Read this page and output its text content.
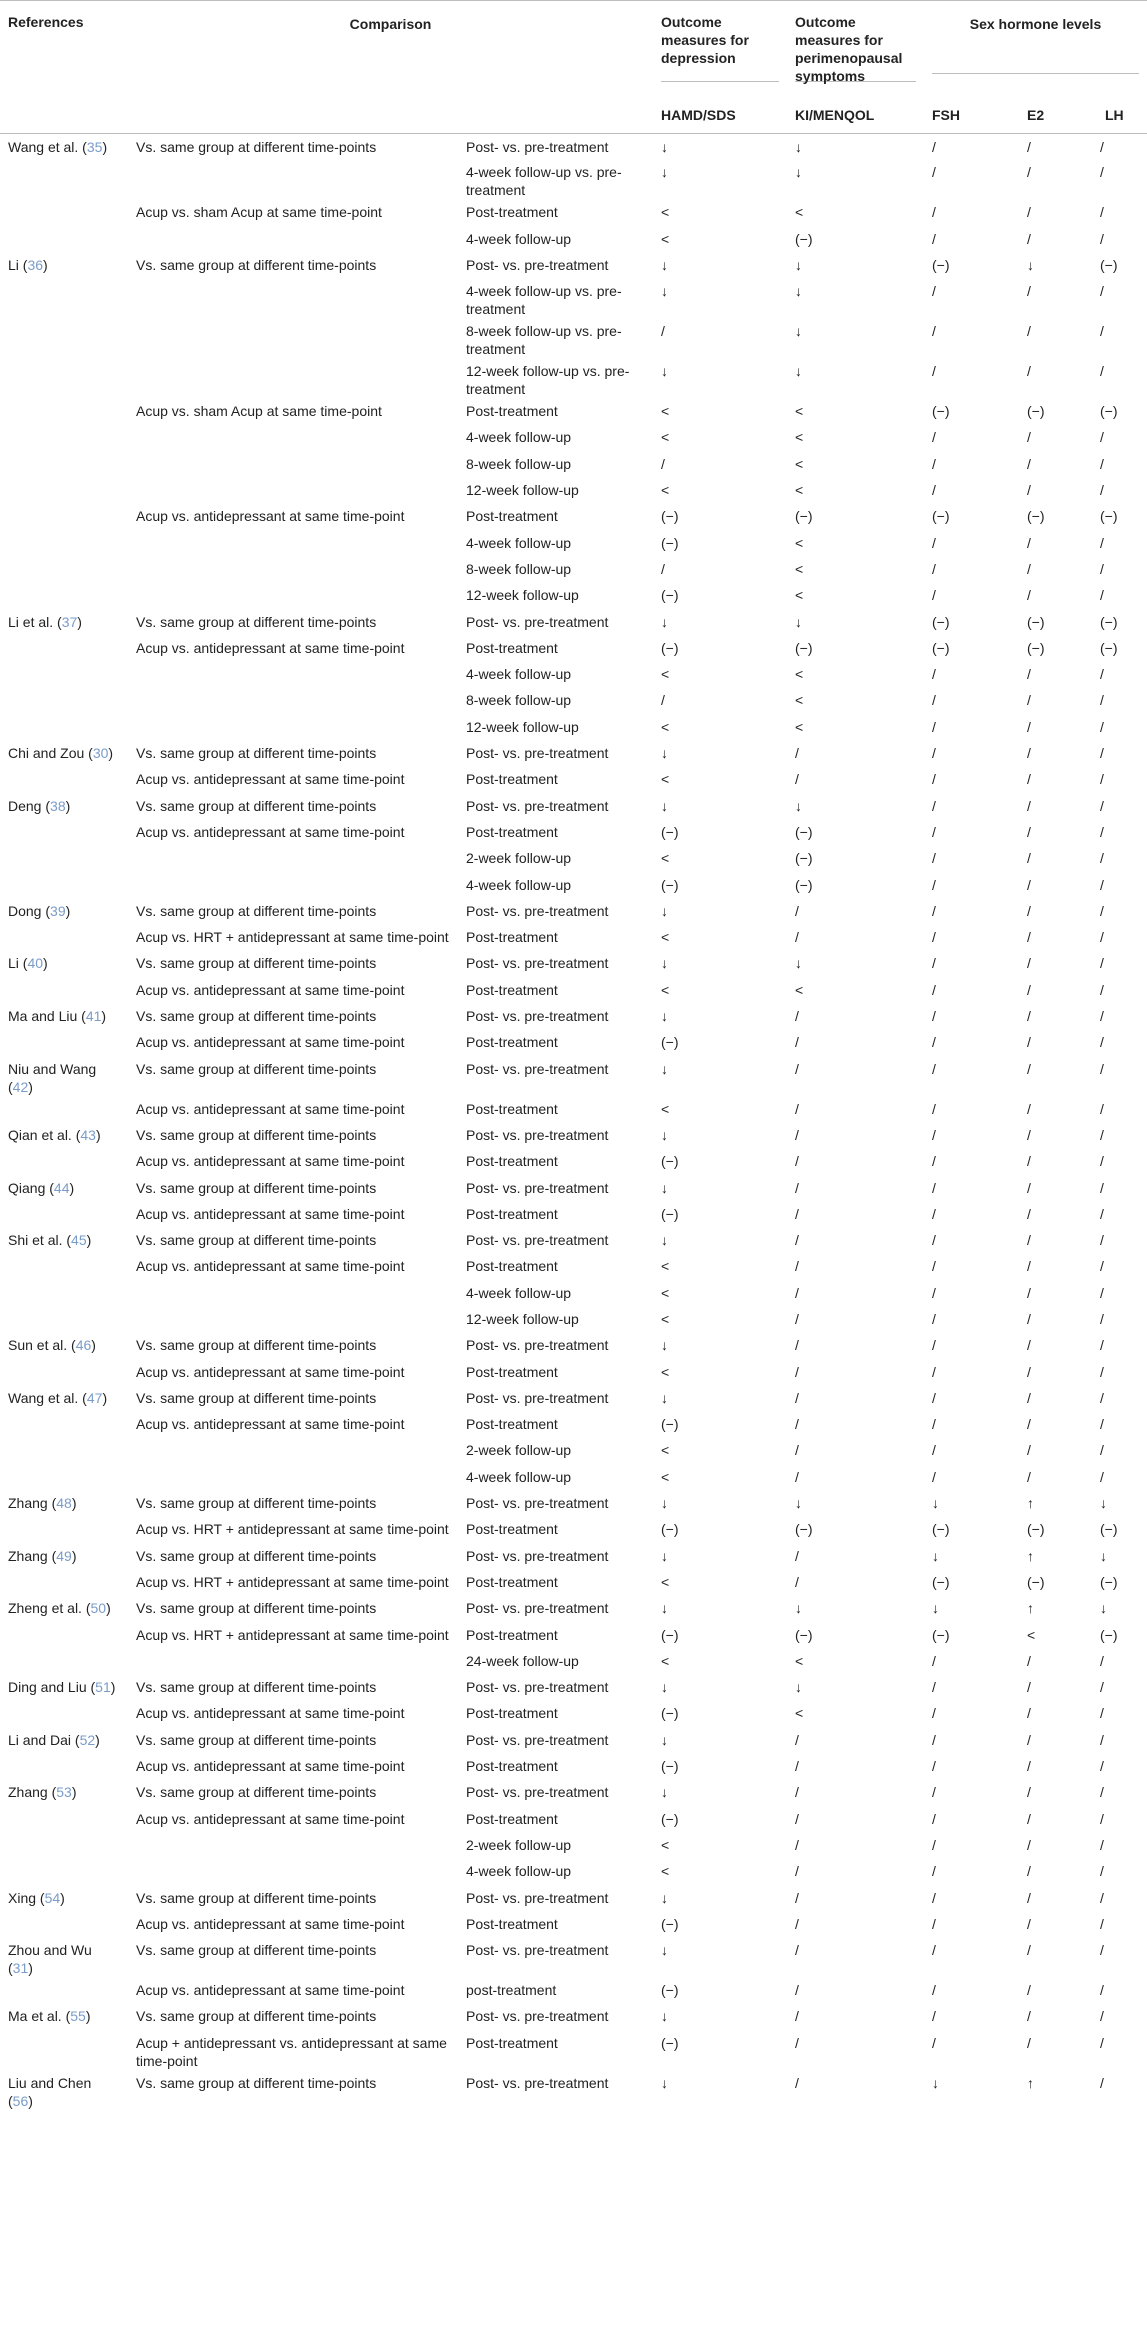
References	Comparison		Outcome measures for depression	Outcome measures for perimenopausal symptoms	Sex hormone levels		

			HAMD/SDS	KI/MENQOL	FSH	E2	LH
Wang et al. (35)	Vs. same group at different time-points	Post- vs. pre-treatment	↓	↓	/	/	/
		4-week follow-up vs. pre-treatment	↓	↓	/	/	/
	Acup vs. sham Acup at same time-point	Post-treatment	<	<	/	/	/
		4-week follow-up	<	(−)	/	/	/
Li (36)	Vs. same group at different time-points	Post- vs. pre-treatment	↓	↓	(−)	↓	(−)
		4-week follow-up vs. pre-treatment	↓	↓	/	/	/
		8-week follow-up vs. pre-treatment	/	↓	/	/	/
		12-week follow-up vs. pre-treatment	↓	↓	/	/	/
	Acup vs. sham Acup at same time-point	Post-treatment	<	<	(−)	(−)	(−)
		4-week follow-up	<	<	/	/	/
		8-week follow-up	/	<	/	/	/
		12-week follow-up	<	<	/	/	/
	Acup vs. antidepressant at same time-point	Post-treatment	(−)	(−)	(−)	(−)	(−)
		4-week follow-up	(−)	<	/	/	/
		8-week follow-up	/	<	/	/	/
		12-week follow-up	(−)	<	/	/	/
Li et al. (37)	Vs. same group at different time-points	Post- vs. pre-treatment	↓	↓	(−)	(−)	(−)
	Acup vs. antidepressant at same time-point	Post-treatment	(−)	(−)	(−)	(−)	(−)
		4-week follow-up	<	<	/	/	/
		8-week follow-up	/	<	/	/	/
		12-week follow-up	<	<	/	/	/
Chi and Zou (30)	Vs. same group at different time-points	Post- vs. pre-treatment	↓	/	/	/	/
	Acup vs. antidepressant at same time-point	Post-treatment	<	/	/	/	/
Deng (38)	Vs. same group at different time-points	Post- vs. pre-treatment	↓	↓	/	/	/
	Acup vs. antidepressant at same time-point	Post-treatment	(−)	(−)	/	/	/
		2-week follow-up	<	(−)	/	/	/
		4-week follow-up	(−)	(−)	/	/	/
Dong (39)	Vs. same group at different time-points	Post- vs. pre-treatment	↓	/	/	/	/
	Acup vs. HRT + antidepressant at same time-point	Post-treatment	<	/	/	/	/
Li (40)	Vs. same group at different time-points	Post- vs. pre-treatment	↓	↓	/	/	/
	Acup vs. antidepressant at same time-point	Post-treatment	<	<	/	/	/
Ma and Liu (41)	Vs. same group at different time-points	Post- vs. pre-treatment	↓	/	/	/	/
	Acup vs. antidepressant at same time-point	Post-treatment	(−)	/	/	/	/
Niu and Wang (42)	Vs. same group at different time-points	Post- vs. pre-treatment	↓	/	/	/	/
	Acup vs. antidepressant at same time-point	Post-treatment	<	/	/	/	/
Qian et al. (43)	Vs. same group at different time-points	Post- vs. pre-treatment	↓	/	/	/	/
	Acup vs. antidepressant at same time-point	Post-treatment	(−)	/	/	/	/
Qiang (44)	Vs. same group at different time-points	Post- vs. pre-treatment	↓	/	/	/	/
	Acup vs. antidepressant at same time-point	Post-treatment	(−)	/	/	/	/
Shi et al. (45)	Vs. same group at different time-points	Post- vs. pre-treatment	↓	/	/	/	/
	Acup vs. antidepressant at same time-point	Post-treatment	<	/	/	/	/
		4-week follow-up	<	/	/	/	/
		12-week follow-up	<	/	/	/	/
Sun et al. (46)	Vs. same group at different time-points	Post- vs. pre-treatment	↓	/	/	/	/
	Acup vs. antidepressant at same time-point	Post-treatment	<	/	/	/	/
Wang et al. (47)	Vs. same group at different time-points	Post- vs. pre-treatment	↓	/	/	/	/
	Acup vs. antidepressant at same time-point	Post-treatment	(−)	/	/	/	/
		2-week follow-up	<	/	/	/	/
		4-week follow-up	<	/	/	/	/
Zhang (48)	Vs. same group at different time-points	Post- vs. pre-treatment	↓	↓	↓	↑	↓
	Acup vs. HRT + antidepressant at same time-point	Post-treatment	(−)	(−)	(−)	(−)	(−)
Zhang (49)	Vs. same group at different time-points	Post- vs. pre-treatment	↓	/	↓	↑	↓
	Acup vs. HRT + antidepressant at same time-point	Post-treatment	<	/	(−)	(−)	(−)
Zheng et al. (50)	Vs. same group at different time-points	Post- vs. pre-treatment	↓	↓	↓	↑	↓
	Acup vs. HRT + antidepressant at same time-point	Post-treatment	(−)	(−)	(−)	<	(−)
		24-week follow-up	<	<	/	/	/
Ding and Liu (51)	Vs. same group at different time-points	Post- vs. pre-treatment	↓	↓	/	/	/
	Acup vs. antidepressant at same time-point	Post-treatment	(−)	<	/	/	/
Li and Dai (52)	Vs. same group at different time-points	Post- vs. pre-treatment	↓	/	/	/	/
	Acup vs. antidepressant at same time-point	Post-treatment	(−)	/	/	/	/
Zhang (53)	Vs. same group at different time-points	Post- vs. pre-treatment	↓	/	/	/	/
	Acup vs. antidepressant at same time-point	Post-treatment	(−)	/	/	/	/
		2-week follow-up	<	/	/	/	/
		4-week follow-up	<	/	/	/	/
Xing (54)	Vs. same group at different time-points	Post- vs. pre-treatment	↓	/	/	/	/
	Acup vs. antidepressant at same time-point	Post-treatment	(−)	/	/	/	/
Zhou and Wu (31)	Vs. same group at different time-points	Post- vs. pre-treatment	↓	/	/	/	/
	Acup vs. antidepressant at same time-point	post-treatment	(−)	/	/	/	/
Ma et al. (55)	Vs. same group at different time-points	Post- vs. pre-treatment	↓	/	/	/	/
	Acup + antidepressant vs. antidepressant at same time-point	Post-treatment	(−)	/	/	/	/
Liu and Chen (56)	Vs. same group at different time-points	Post- vs. pre-treatment	↓	/	↓	↑	/
